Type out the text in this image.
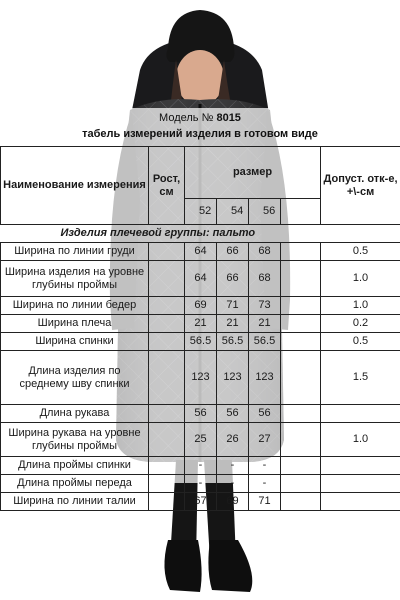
Модель № 8015
табель измерений изделия в готовом виде
Наименование измерения	Рост, см	размер				Допуст. отк-е, +\-см
		52	54	56		
Изделия плечевой группы: пальто						
Ширина по линии груди		64	66	68		0.5
Ширина изделия на уровне глубины проймы		64	66	68		1.0
Ширина по линии бедер		69	71	73		1.0
Ширина плеча		21	21	21		0.2
Ширина спинки		56.5	56.5	56.5		0.5
Длина изделия по среднему шву спинки		123	123	123		1.5
Длина рукава		56	56	56		
Ширина рукава на уровне глубины проймы		25	26	27		1.0
Длина проймы спинки		-	-	-		
Длина проймы переда		-	-	-		
Ширина по линии талии		67	69	71		
